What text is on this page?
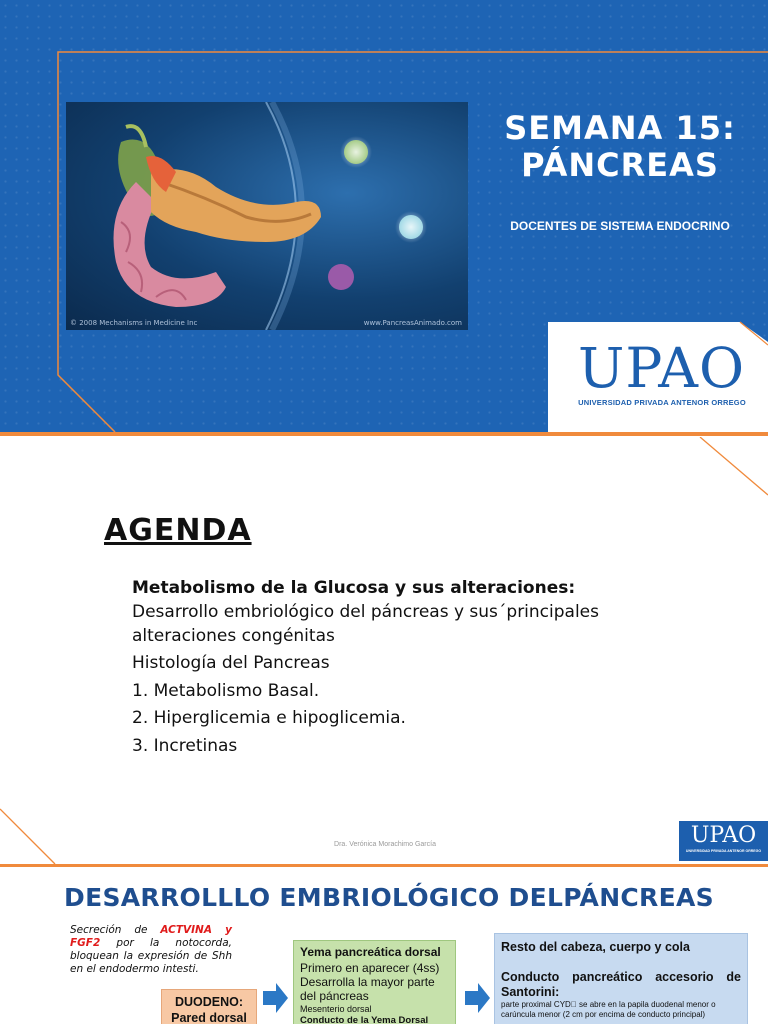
© 2008 Mechanisms in Medicine Inc	www.PancreasAnimado.com
SEMANA 15:
PÁNCREAS
DOCENTES DE SISTEMA ENDOCRINO
UPAO
UNIVERSIDAD PRIVADA ANTENOR ORREGO
AGENDA
Metabolismo de la Glucosa y sus alteraciones:
Desarrollo embriológico del páncreas y sus´principales
alteraciones congénitas
Histología del Pancreas
1. Metabolismo Basal.
2. Hiperglicemia e hipoglicemia.
3. Incretinas
Dra. Verónica Morachimo García	UPAO
UNIVERSIDAD PRIVADA ANTENOR ORREGO
DESARROLLLO EMBRIOLÓGICO DELPÁNCREAS
Secreción de ACTVINA y FGF2 por la notocorda, bloquean la expresión de Shh en el endodermo intesti.
DUODENO:
Pared dorsal
Yema pancreática dorsal
Primero en aparecer (4ss)
Desarrolla la mayor parte del páncreas
Mesenterio dorsal
Conducto de la Yema Dorsal
Resto del cabeza, cuerpo y cola
Conducto pancreático accesorio de Santorini:
parte proximal CYD  se abre en la papila duodenal menor o carúncula menor (2 cm por encima de conducto principal)
